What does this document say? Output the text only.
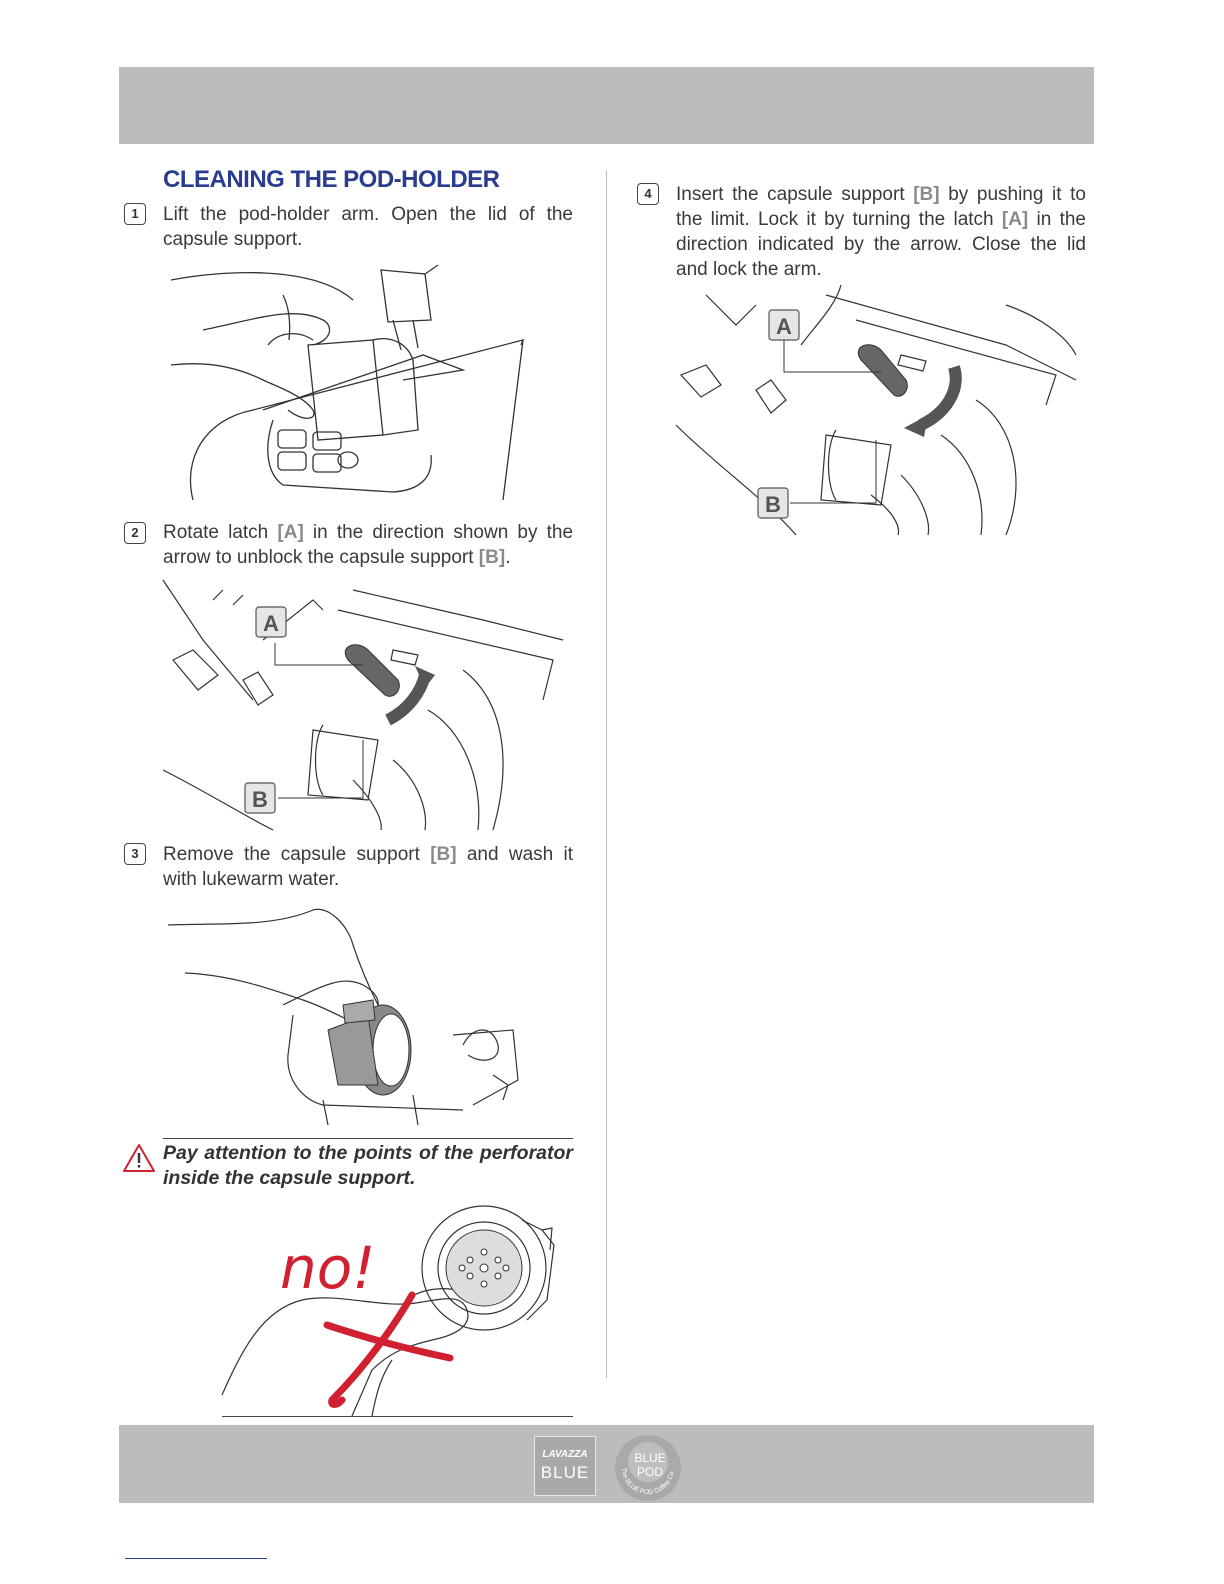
CLEANING THE POD-HOLDER
1	Lift the pod-holder arm. Open the lid of the capsule support.

2	Rotate latch [A] in the direction shown by the arrow to unblock the capsule support [B].

A
B
3	Remove the capsule support [B] and wash it with lukewarm water.

Pay attention to the points of the perforator inside the capsule support.

no!
4	Insert the capsule support [B] by pushing it to the limit. Lock it by turning the latch [A] in the direction indicated by the arrow. Close the lid and lock the arm.

A
B
LAVAZZA
BLUE
BLUE
POD
The BLUE POD Coffee Co.
